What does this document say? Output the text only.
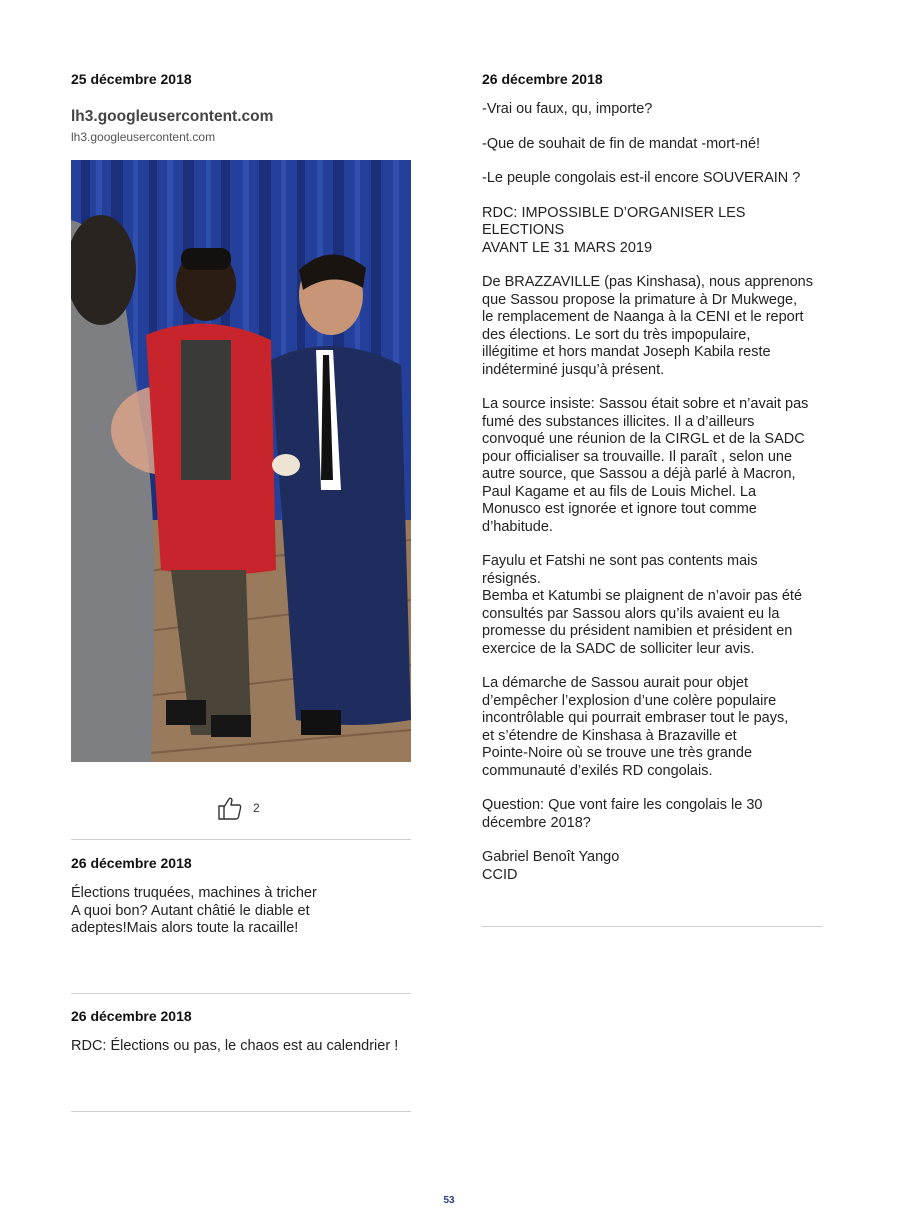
25 décembre 2018
lh3.googleusercontent.com
lh3.googleusercontent.com
2
26 décembre 2018
Élections truquées, machines à tricher
A quoi bon? Autant châtié le diable et
adeptes!Mais alors toute la racaille!
26 décembre 2018
RDC: Élections ou pas, le chaos est au calendrier !
26 décembre 2018

-Vrai ou faux, qu, importe?

-Que de souhait de fin de mandat -mort-né!

-Le peuple congolais est-il encore SOUVERAIN ?

RDC: IMPOSSIBLE D’ORGANISER LES ELECTIONS
AVANT LE 31 MARS 2019

De BRAZZAVILLE (pas Kinshasa), nous apprenons
que Sassou propose la primature à Dr Mukwege,
le remplacement de Naanga à la CENI et le report
des élections. Le sort du très impopulaire,
illégitime et hors mandat Joseph Kabila reste
indéterminé jusqu’à présent.

La source insiste: Sassou était sobre et n’avait pas
fumé des substances illicites. Il a d’ailleurs
convoqué une réunion de la CIRGL et de la SADC
pour officialiser sa trouvaille. Il paraît , selon une
autre source, que Sassou a déjà parlé à Macron,
Paul Kagame et au fils de Louis Michel. La
Monusco est ignorée et ignore tout comme
d’habitude.

Fayulu et Fatshi ne sont pas contents mais
résignés.
Bemba et Katumbi se plaignent de n’avoir pas été
consultés par Sassou alors qu’ils avaient eu la
promesse du président namibien et président en
exercice de la SADC de solliciter leur avis.

La démarche de Sassou aurait pour objet
d’empêcher l’explosion d’une colère populaire
incontrôlable qui pourrait embraser tout le pays,
et s’étendre de Kinshasa à Brazaville et
Pointe-Noire où se trouve une très grande
communauté d’exilés RD congolais.

Question: Que vont faire les congolais le 30
décembre 2018?

Gabriel Benoît Yango
CCID

53
